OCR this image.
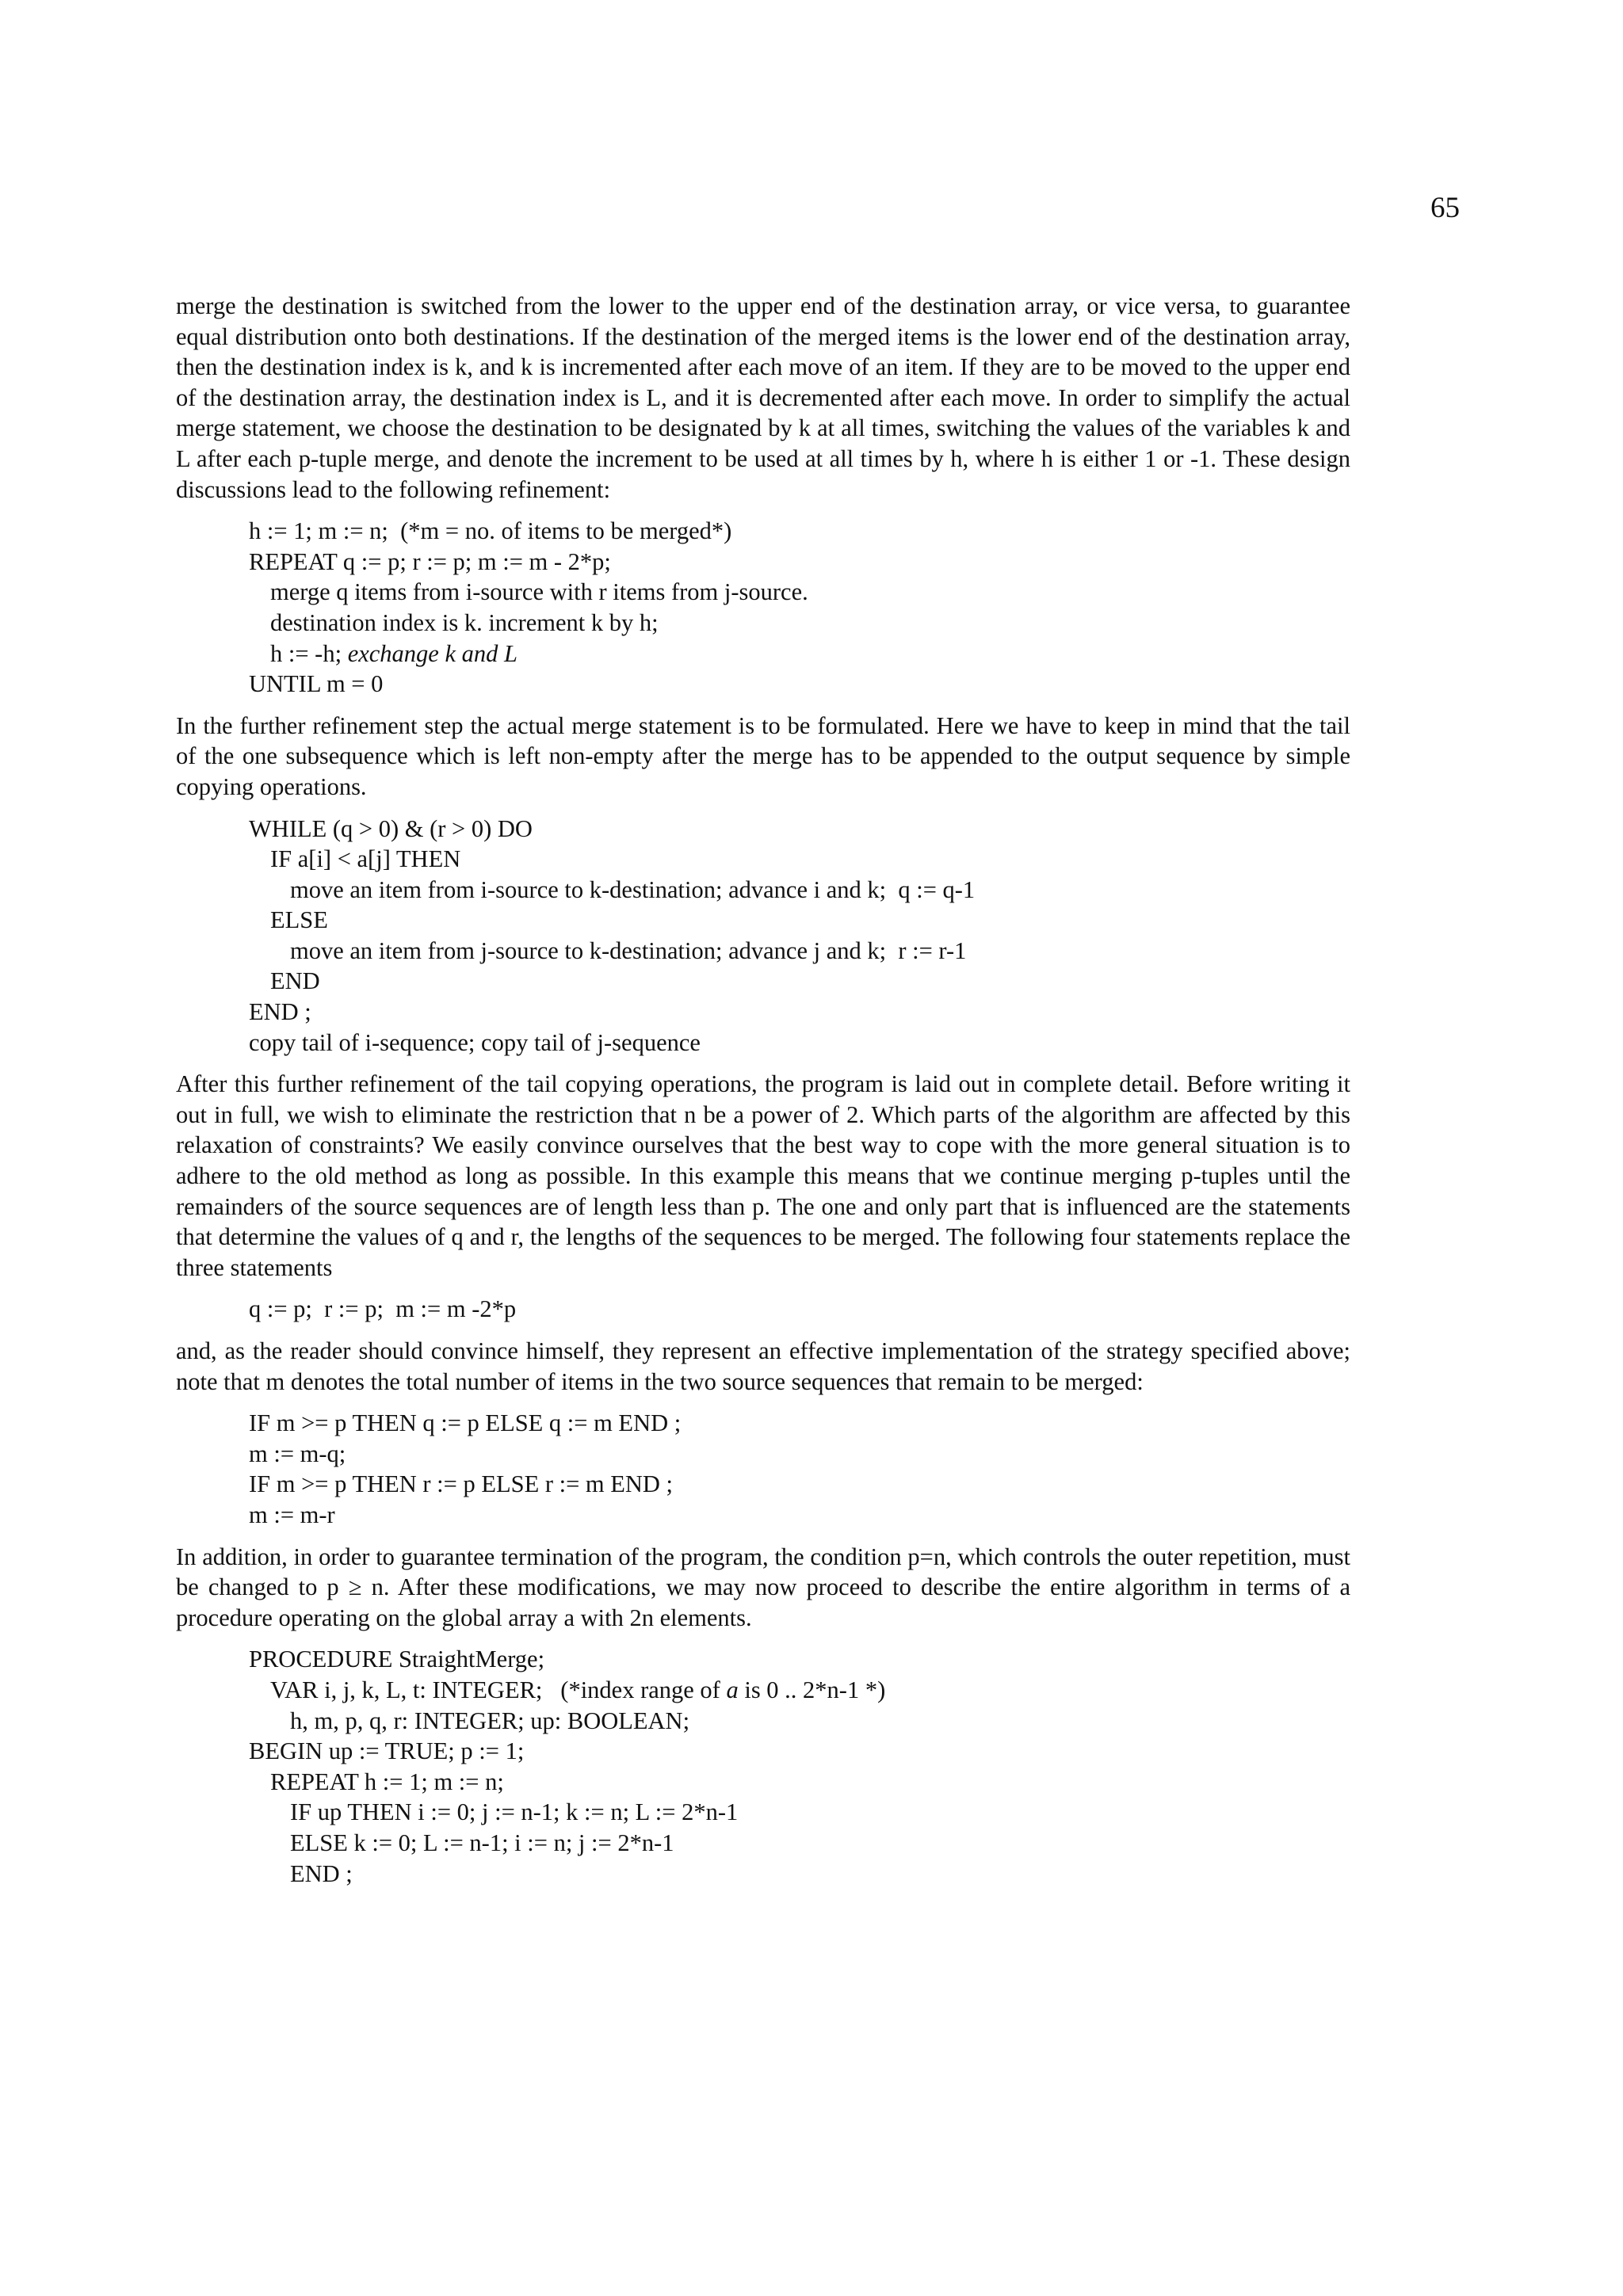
65

merge the destination is switched from the lower to the upper end of the destination array, or vice versa, to guarantee equal distribution onto both destinations. If the destination of the merged items is the lower end of the destination array, then the destination index is k, and k is incremented after each move of an item. If they are to be moved to the upper end of the destination array, the destination index is L, and it is decremented after each move. In order to simplify the actual merge statement, we choose the destination to be designated by k at all times, switching the values of the variables k and L after each p-tuple merge, and denote the increment to be used at all times by h, where h is either 1 or -1. These design discussions lead to the following refinement:

h := 1; m := n;  (*m = no. of items to be merged*)
REPEAT q := p; r := p; m := m - 2*p;
merge q items from i-source with r items from j-source.
destination index is k. increment k by h;
h := -h; exchange k and L
UNTIL m = 0

In the further refinement step the actual merge statement is to be formulated. Here we have to keep in mind that the tail of the one subsequence which is left non-empty after the merge has to be appended to the output sequence by simple copying operations.

WHILE (q > 0) & (r > 0) DO
IF a[i] < a[j] THEN
move an item from i-source to k-destination; advance i and k;  q := q-1
ELSE
move an item from j-source to k-destination; advance j and k;  r := r-1
END
END ;
copy tail of i-sequence; copy tail of j-sequence

After this further refinement of the tail copying operations, the program is laid out in complete detail. Before writing it out in full, we wish to eliminate the restriction that n be a power of 2. Which parts of the algorithm are affected by this relaxation of constraints? We easily convince ourselves that the best way to cope with the more general situation is to adhere to the old method as long as possible. In this example this means that we continue merging p-tuples until the remainders of the source sequences are of length less than p. The one and only part that is influenced are the statements that determine the values of q and r, the lengths of the sequences to be merged. The following four statements replace the three statements

q := p;  r := p;  m := m -2*p

and, as the reader should convince himself, they represent an effective implementation of the strategy specified above; note that m denotes the total number of items in the two source sequences that remain to be merged:

IF m >= p THEN q := p ELSE q := m END ;
m := m-q;
IF m >= p THEN r := p ELSE r := m END ;
m := m-r

In addition, in order to guarantee termination of the program, the condition p=n, which controls the outer repetition, must be changed to p ≥ n. After these modifications, we may now proceed to describe the entire algorithm in terms of a procedure operating on the global array a with 2n elements.

PROCEDURE StraightMerge;
VAR i, j, k, L, t: INTEGER;   (*index range of a is 0 .. 2*n-1 *)
h, m, p, q, r: INTEGER; up: BOOLEAN;
BEGIN up := TRUE; p := 1;
REPEAT h := 1; m := n;
IF up THEN i := 0; j := n-1; k := n; L := 2*n-1
ELSE k := 0; L := n-1; i := n; j := 2*n-1
END ;
